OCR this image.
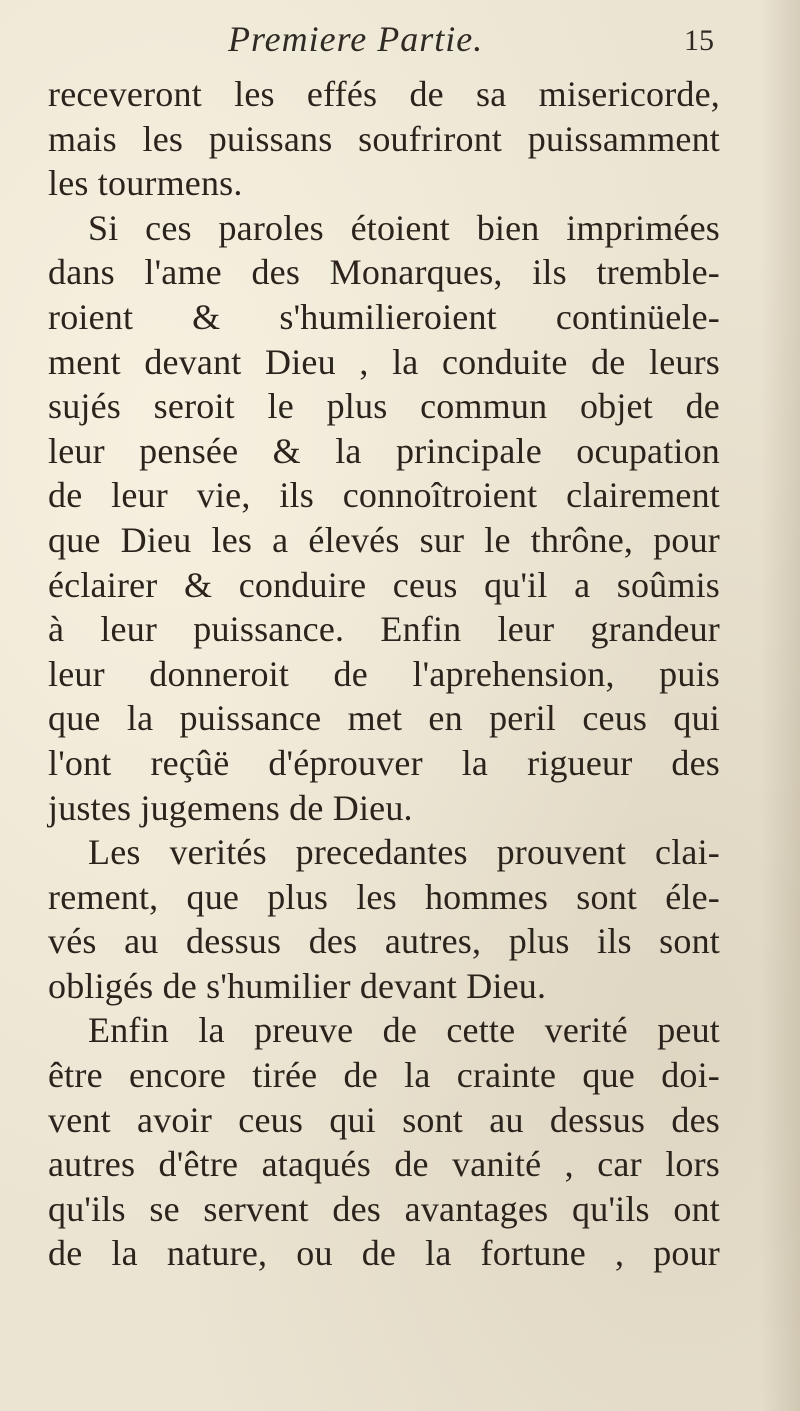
Premiere Partie.	15
receveront les effés de sa misericorde,
mais les puissans soufriront puissamment
les tourmens.
Si ces paroles étoient bien imprimées
dans l'ame des Monarques, ils tremble-
roient & s'humilieroient continüele-
ment devant Dieu , la conduite de leurs
sujés seroit le plus commun objet de
leur pensée & la principale ocupation
de leur vie, ils connoîtroient clairement
que Dieu les a élevés sur le thrône, pour
éclairer & conduire ceus qu'il a soûmis
à leur puissance. Enfin leur grandeur
leur donneroit de l'aprehension, puis
que la puissance met en peril ceus qui
l'ont reçûë d'éprouver la rigueur des
justes jugemens de Dieu.
Les verités precedantes prouvent clai-
rement, que plus les hommes sont éle-
vés au dessus des autres, plus ils sont
obligés de s'humilier devant Dieu.
Enfin la preuve de cette verité peut
être encore tirée de la crainte que doi-
vent avoir ceus qui sont au dessus des
autres d'être ataqués de vanité , car lors
qu'ils se servent des avantages qu'ils ont
de la nature, ou de la fortune , pour
